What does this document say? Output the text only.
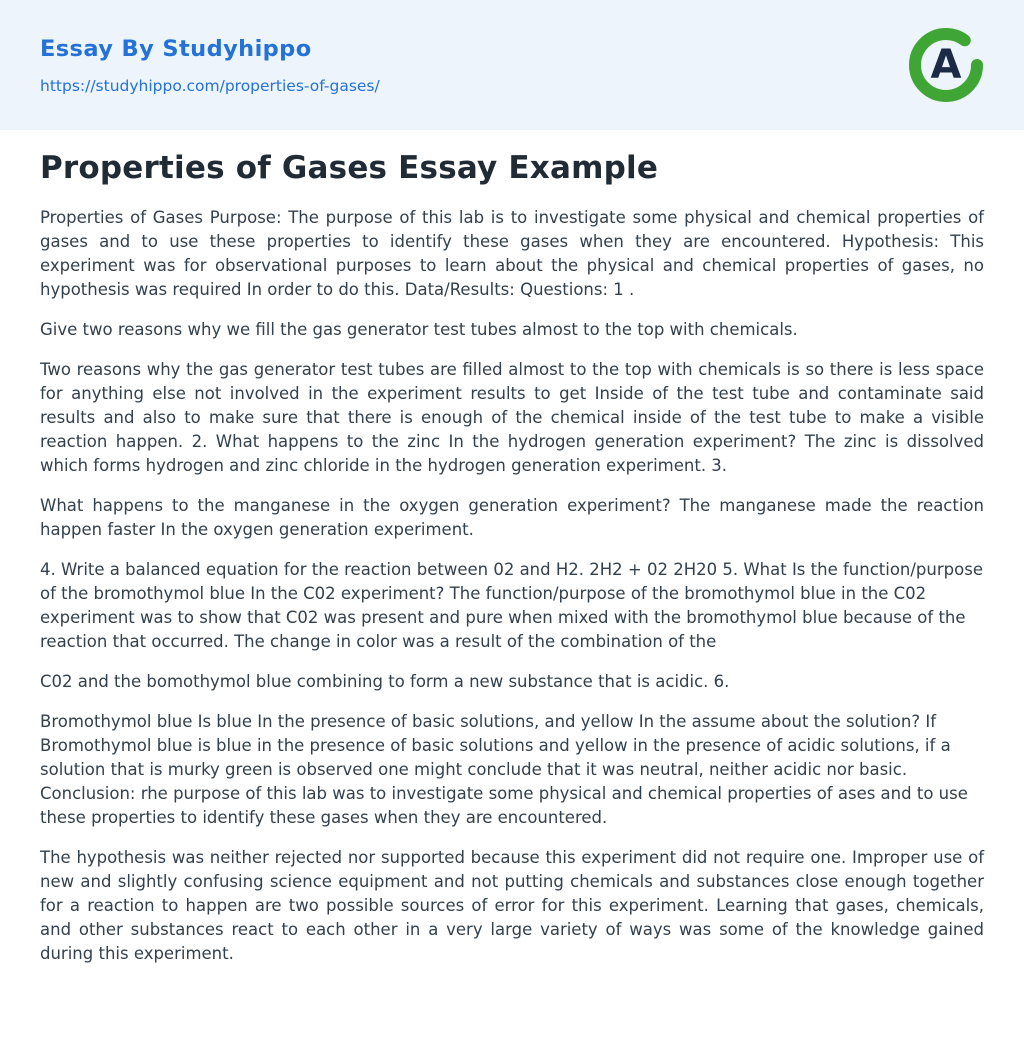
Essay By Studyhippo
https://studyhippo.com/properties-of-gases/	A
Properties of Gases Essay Example

Properties of Gases Purpose: The purpose of this lab is to investigate some physical and chemical properties of gases and to use these properties to identify these gases when they are encountered. Hypothesis: This experiment was for observational purposes to learn about the physical and chemical properties of gases, no hypothesis was required In order to do this. Data/Results: Questions: 1 .

Give two reasons why we fill the gas generator test tubes almost to the top with chemicals.

Two reasons why the gas generator test tubes are filled almost to the top with chemicals is so there is less space for anything else not involved in the experiment results to get Inside of the test tube and contaminate said results and also to make sure that there is enough of the chemical inside of the test tube to make a visible reaction happen. 2. What happens to the zinc In the hydrogen generation experiment? The zinc is dissolved which forms hydrogen and zinc chloride in the hydrogen generation experiment. 3.

What happens to the manganese in the oxygen generation experiment? The manganese made the reaction happen faster In the oxygen generation experiment.

4. Write a balanced equation for the reaction between 02 and H2. 2H2 + 02 2H20 5. What Is the function/purpose of the bromothymol blue In the C02 experiment? The function/purpose of the bromothymol blue in the C02 experiment was to show that C02 was present and pure when mixed with the bromothymol blue because of the reaction that occurred. The change in color was a result of the combination of the

C02 and the bomothymol blue combining to form a new substance that is acidic. 6.

Bromothymol blue Is blue In the presence of basic solutions, and yellow In the assume about the solution? If Bromothymol blue is blue in the presence of basic solutions and yellow in the presence of acidic solutions, if a solution that is murky green is observed one might conclude that it was neutral, neither acidic nor basic. Conclusion: rhe purpose of this lab was to investigate some physical and chemical properties of ases and to use these properties to identify these gases when they are encountered.

The hypothesis was neither rejected nor supported because this experiment did not require one. Improper use of new and slightly confusing science equipment and not putting chemicals and substances close enough together for a reaction to happen are two possible sources of error for this experiment. Learning that gases, chemicals, and other substances react to each other in a very large variety of ways was some of the knowledge gained during this experiment.
